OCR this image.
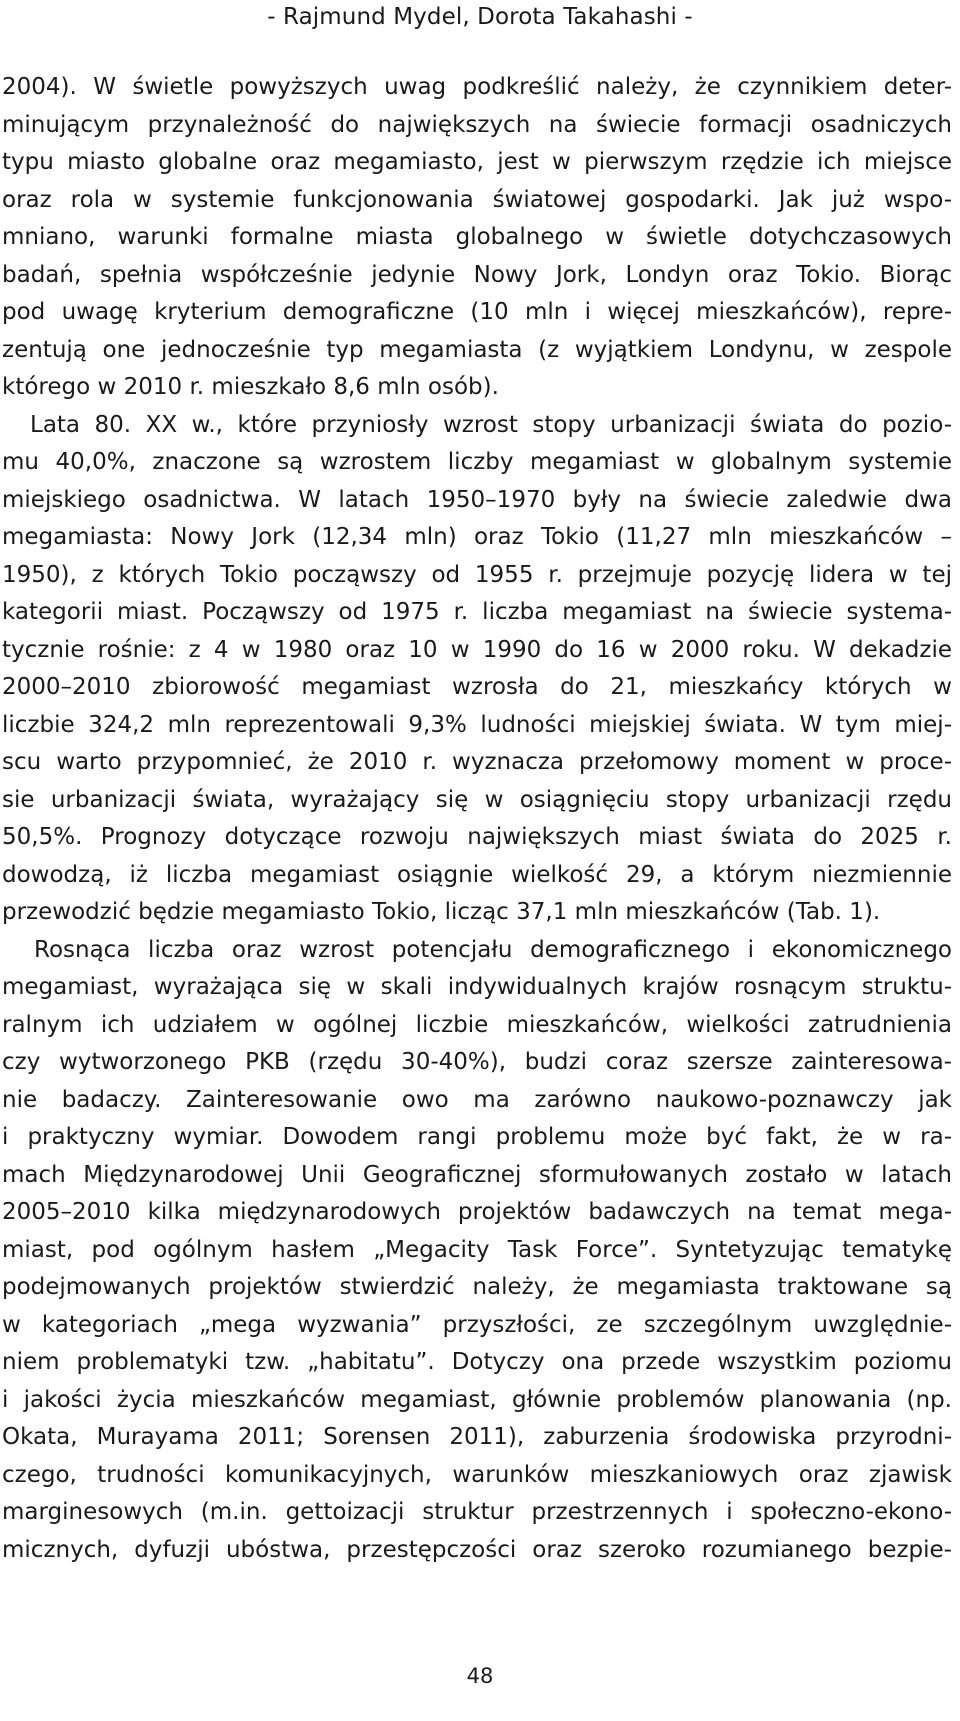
- Rajmund Mydel, Dorota Takahashi -
2004). W świetle powyższych uwag podkreślić należy, że czynnikiem deter-
minującym przynależność do największych na świecie formacji osadniczych
typu miasto globalne oraz megamiasto, jest w pierwszym rzędzie ich miejsce
oraz rola w systemie funkcjonowania światowej gospodarki. Jak już wspo-
mniano, warunki formalne miasta globalnego w świetle dotychczasowych
badań, spełnia współcześnie jedynie Nowy Jork, Londyn oraz Tokio. Biorąc
pod uwagę kryterium demograficzne (10 mln i więcej mieszkańców), repre-
zentują one jednocześnie typ megamiasta (z wyjątkiem Londynu, w zespole
którego w 2010 r. mieszkało 8,6 mln osób).
Lata 80. XX w., które przyniosły wzrost stopy urbanizacji świata do pozio-
mu 40,0%, znaczone są wzrostem liczby megamiast w globalnym systemie
miejskiego osadnictwa. W latach 1950–1970 były na świecie zaledwie dwa
megamiasta: Nowy Jork (12,34 mln) oraz Tokio (11,27 mln mieszkańców –
1950), z których Tokio począwszy od 1955 r. przejmuje pozycję lidera w tej
kategorii miast. Począwszy od 1975 r. liczba megamiast na świecie systema-
tycznie rośnie: z 4 w 1980 oraz 10 w 1990 do 16 w 2000 roku. W dekadzie
2000–2010 zbiorowość megamiast wzrosła do 21, mieszkańcy których w
liczbie 324,2 mln reprezentowali 9,3% ludności miejskiej świata. W tym miej-
scu warto przypomnieć, że 2010 r. wyznacza przełomowy moment w proce-
sie urbanizacji świata, wyrażający się w osiągnięciu stopy urbanizacji rzędu
50,5%. Prognozy dotyczące rozwoju największych miast świata do 2025 r.
dowodzą, iż liczba megamiast osiągnie wielkość 29, a którym niezmiennie
przewodzić będzie megamiasto Tokio, licząc 37,1 mln mieszkańców (Tab. 1).
Rosnąca liczba oraz wzrost potencjału demograficznego i ekonomicznego
megamiast, wyrażająca się w skali indywidualnych krajów rosnącym struktu-
ralnym ich udziałem w ogólnej liczbie mieszkańców, wielkości zatrudnienia
czy wytworzonego PKB (rzędu 30-40%), budzi coraz szersze zainteresowa-
nie badaczy. Zainteresowanie owo ma zarówno naukowo-poznawczy jak
i praktyczny wymiar. Dowodem rangi problemu może być fakt, że w ra-
mach Międzynarodowej Unii Geograficznej sformułowanych zostało w latach
2005–2010 kilka międzynarodowych projektów badawczych na temat mega-
miast, pod ogólnym hasłem „Megacity Task Force”. Syntetyzując tematykę
podejmowanych projektów stwierdzić należy, że megamiasta traktowane są
w kategoriach „mega wyzwania” przyszłości, ze szczególnym uwzględnie-
niem problematyki tzw. „habitatu”. Dotyczy ona przede wszystkim poziomu
i jakości życia mieszkańców megamiast, głównie problemów planowania (np.
Okata, Murayama 2011; Sorensen 2011), zaburzenia środowiska przyrodni-
czego, trudności komunikacyjnych, warunków mieszkaniowych oraz zjawisk
marginesowych (m.in. gettoizacji struktur przestrzennych i społeczno-ekono-
micznych, dyfuzji ubóstwa, przestępczości oraz szeroko rozumianego bezpie-
48
